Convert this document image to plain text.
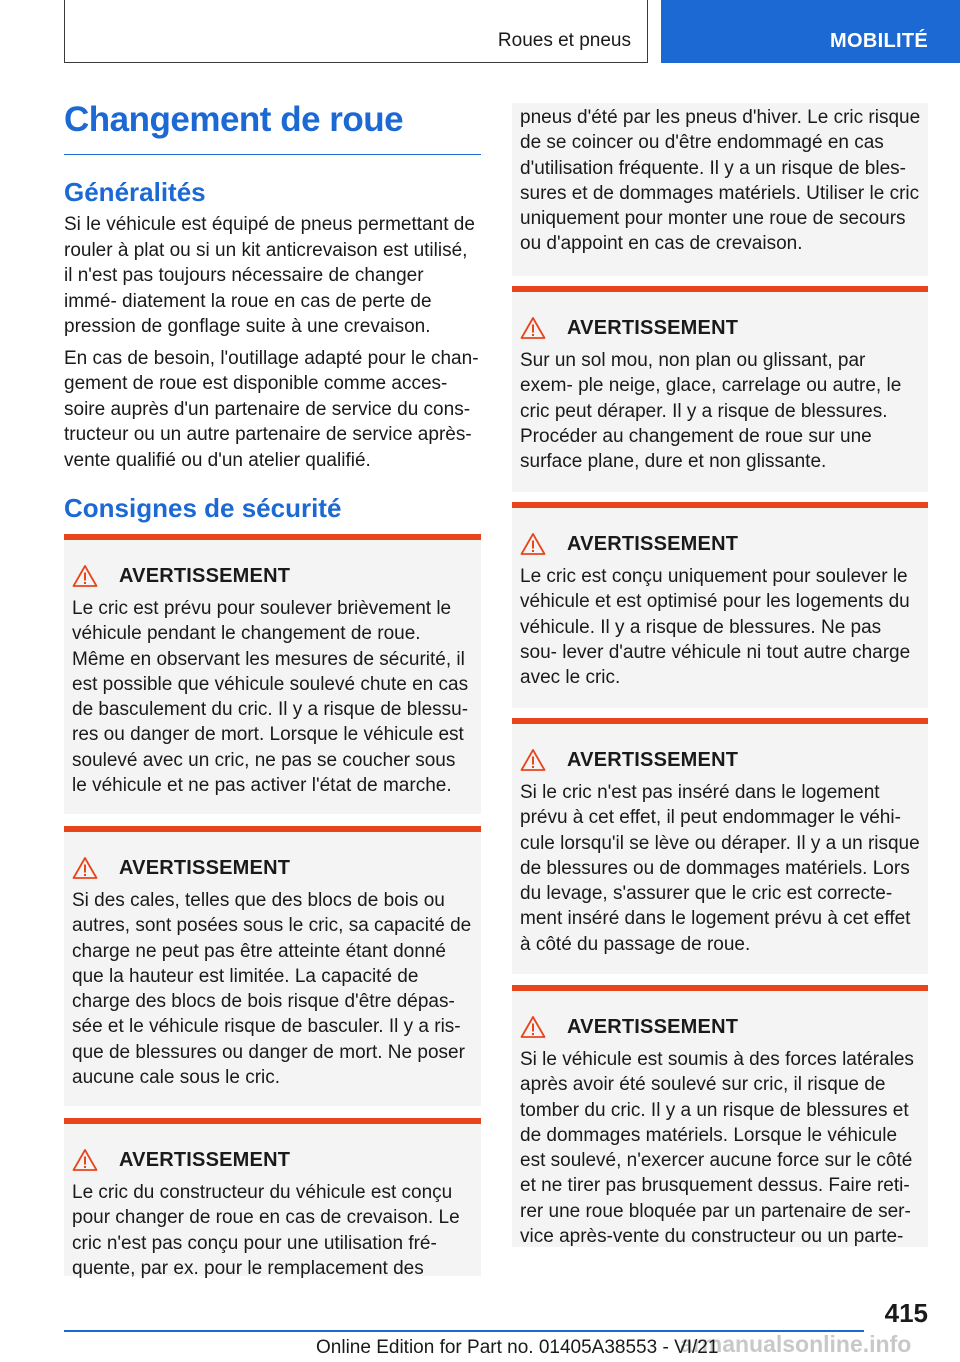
Roues et pneus	MOBILITÉ
Changement de roue
Généralités

Si le véhicule est équipé de pneus permettant de rouler à plat ou si un kit anticrevaison est utilisé, il n'est pas toujours nécessaire de changer immé- diatement la roue en cas de perte de pression de gonflage suite à une crevaison.

En cas de besoin, l'outillage adapté pour le chan- gement de roue est disponible comme acces- soire auprès d'un partenaire de service du cons- tructeur ou un autre partenaire de service après- vente qualifié ou d'un atelier qualifié.

Consignes de sécurité
AVERTISSEMENT
Le cric est prévu pour soulever brièvement le véhicule pendant le changement de roue. Même en observant les mesures de sécurité, il est possible que véhicule soulevé chute en cas de basculement du cric. Il y a risque de blessu- res ou danger de mort. Lorsque le véhicule est soulevé avec un cric, ne pas se coucher sous le véhicule et ne pas activer l'état de marche.
AVERTISSEMENT
Si des cales, telles que des blocs de bois ou autres, sont posées sous le cric, sa capacité de charge ne peut pas être atteinte étant donné que la hauteur est limitée. La capacité de charge des blocs de bois risque d'être dépas- sée et le véhicule risque de basculer. Il y a ris- que de blessures ou danger de mort. Ne poser aucune cale sous le cric.
AVERTISSEMENT
Le cric du constructeur du véhicule est conçu pour changer de roue en cas de crevaison. Le cric n'est pas conçu pour une utilisation fré- quente, par ex. pour le remplacement des
pneus d'été par les pneus d'hiver. Le cric risque de se coincer ou d'être endommagé en cas d'utilisation fréquente. Il y a un risque de bles- sures et de dommages matériels. Utiliser le cric uniquement pour monter une roue de secours ou d'appoint en cas de crevaison.
AVERTISSEMENT
Sur un sol mou, non plan ou glissant, par exem- ple neige, glace, carrelage ou autre, le cric peut déraper. Il y a risque de blessures. Procéder au changement de roue sur une surface plane, dure et non glissante.
AVERTISSEMENT
Le cric est conçu uniquement pour soulever le véhicule et est optimisé pour les logements du véhicule. Il y a risque de blessures. Ne pas sou- lever d'autre véhicule ni tout autre charge avec le cric.
AVERTISSEMENT
Si le cric n'est pas inséré dans le logement prévu à cet effet, il peut endommager le véhi- cule lorsqu'il se lève ou déraper. Il y a un risque de blessures ou de dommages matériels. Lors du levage, s'assurer que le cric est correcte- ment inséré dans le logement prévu à cet effet à côté du passage de roue.
AVERTISSEMENT
Si le véhicule est soumis à des forces latérales après avoir été soulevé sur cric, il risque de tomber du cric. Il y a un risque de blessures et de dommages matériels. Lorsque le véhicule est soulevé, n'exercer aucune force sur le côté et ne tirer pas brusquement dessus. Faire reti- rer une roue bloquée par un partenaire de ser- vice après-vente du constructeur ou un parte-
415
armanualsonline.info
Online Edition for Part no. 01405A38553 - VI/21
